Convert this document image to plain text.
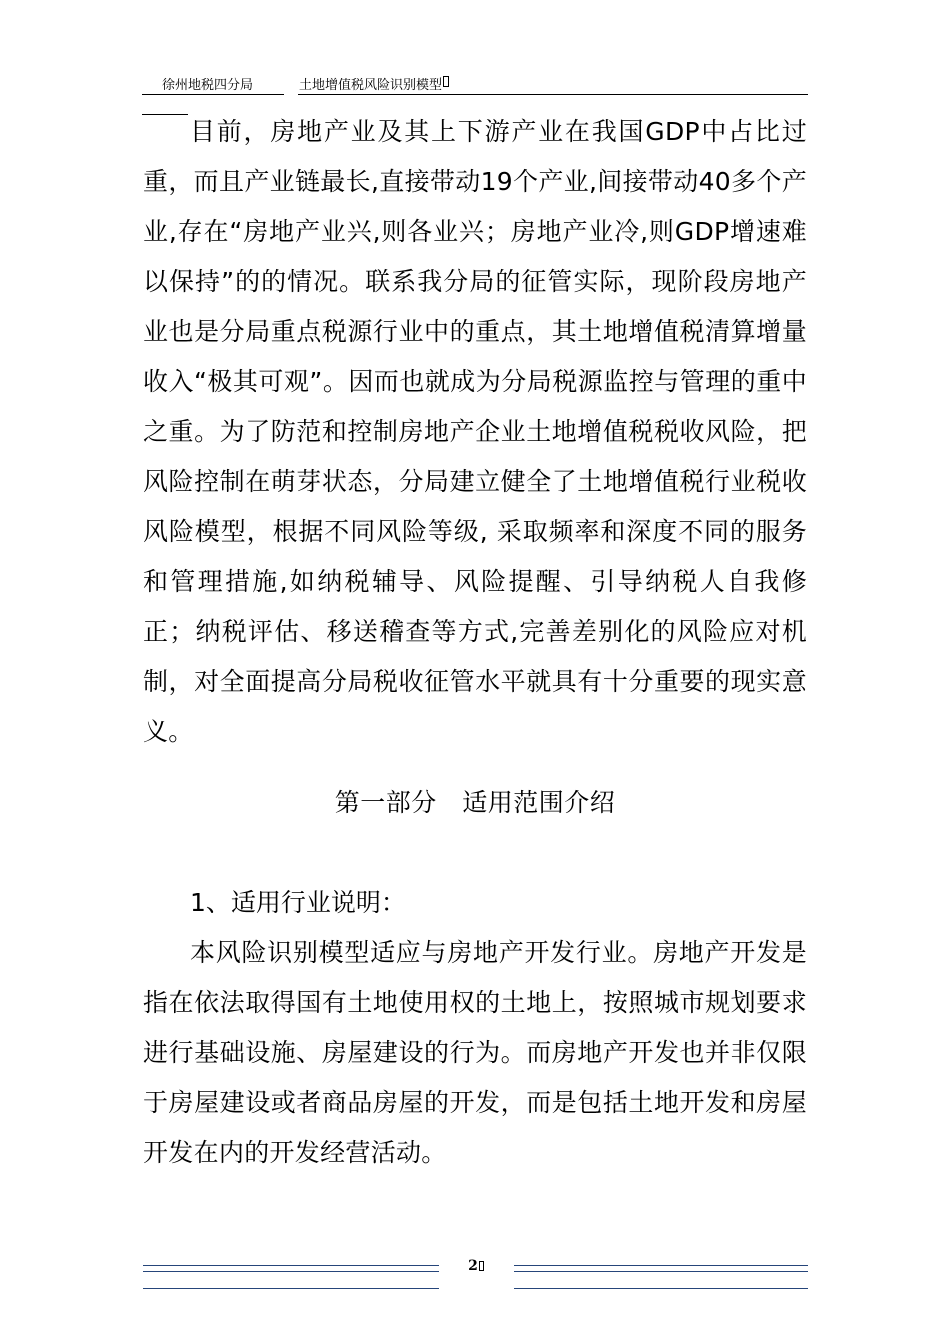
徐州地税四分局	土地增值税风险识别模型
目前，房地产业及其上下游产业在我国GDP中占比过重，而且产业链最长,直接带动19个产业,间接带动40多个产业,存在“房地产业兴,则各业兴；房地产业冷,则GDP增速难以保持”的的情况。联系我分局的征管实际，现阶段房地产业也是分局重点税源行业中的重点，其土地增值税清算增量收入“极其可观”。因而也就成为分局税源监控与管理的重中之重。为了防范和控制房地产企业土地增值税税收风险，把风险控制在萌芽状态，分局建立健全了土地增值税行业税收风险模型，根据不同风险等级, 采取频率和深度不同的服务和管理措施,如纳税辅导、风险提醒、引导纳税人自我修正；纳税评估、移送稽查等方式,完善差别化的风险应对机制，对全面提高分局税收征管水平就具有十分重要的现实意义。
第一部分　适用范围介绍
1、适用行业说明：
本风险识别模型适应与房地产开发行业。房地产开发是指在依法取得国有土地使用权的土地上，按照城市规划要求进行基础设施、房屋建设的行为。而房地产开发也并非仅限于房屋建设或者商品房屋的开发，而是包括土地开发和房屋开发在内的开发经营活动。
2
